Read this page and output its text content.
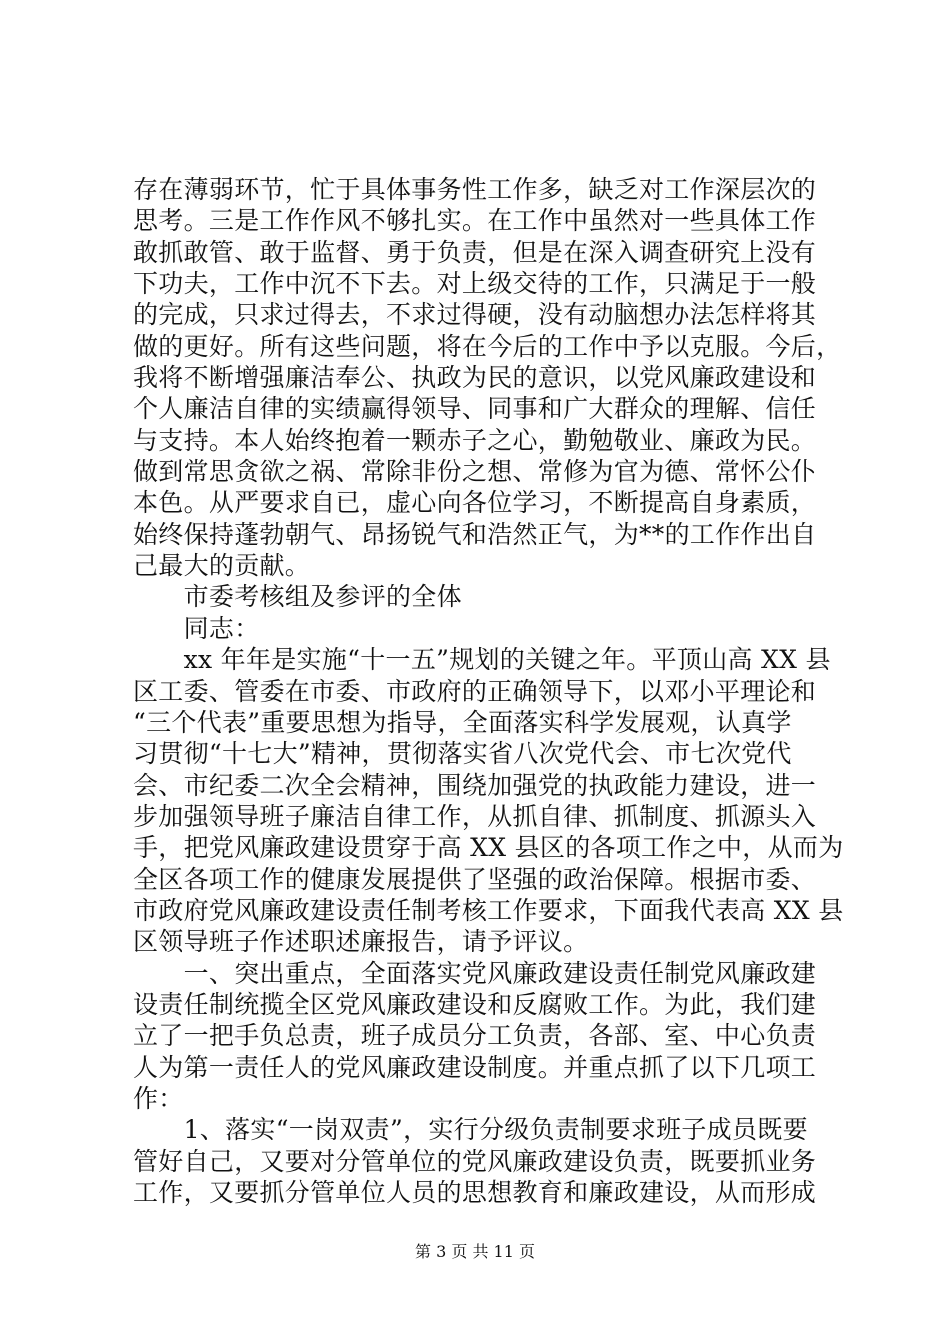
存在薄弱环节，忙于具体事务性工作多，缺乏对工作深层次的
思考。三是工作作风不够扎实。在工作中虽然对一些具体工作
敢抓敢管、敢于监督、勇于负责，但是在深入调查研究上没有
下功夫，工作中沉不下去。对上级交待的工作，只满足于一般
的完成，只求过得去，不求过得硬，没有动脑想办法怎样将其
做的更好。所有这些问题，将在今后的工作中予以克服。今后，
我将不断增强廉洁奉公、执政为民的意识，以党风廉政建设和
个人廉洁自律的实绩赢得领导、同事和广大群众的理解、信任
与支持。本人始终抱着一颗赤子之心，勤勉敬业、廉政为民。
做到常思贪欲之祸、常除非份之想、常修为官为德、常怀公仆
本色。从严要求自已，虚心向各位学习，不断提高自身素质，
始终保持蓬勃朝气、昂扬锐气和浩然正气，为**的工作作出自
己最大的贡献。
　　市委考核组及参评的全体
　　同志：
　　xx 年年是实施“十一五”规划的关键之年。平顶山高 XX 县
区工委、管委在市委、市政府的正确领导下，以邓小平理论和
“三个代表”重要思想为指导，全面落实科学发展观，认真学
习贯彻“十七大”精神，贯彻落实省八次党代会、市七次党代
会、市纪委二次全会精神，围绕加强党的执政能力建设，进一
步加强领导班子廉洁自律工作，从抓自律、抓制度、抓源头入
手，把党风廉政建设贯穿于高 XX 县区的各项工作之中，从而为
全区各项工作的健康发展提供了坚强的政治保障。根据市委、
市政府党风廉政建设责任制考核工作要求，下面我代表高 XX 县
区领导班子作述职述廉报告，请予评议。
　　一、突出重点，全面落实党风廉政建设责任制党风廉政建
设责任制统揽全区党风廉政建设和反腐败工作。为此，我们建
立了一把手负总责，班子成员分工负责，各部、室、中心负责
人为第一责任人的党风廉政建设制度。并重点抓了以下几项工
作：
　　1、落实“一岗双责”，实行分级负责制要求班子成员既要
管好自己，又要对分管单位的党风廉政建设负责，既要抓业务
工作，又要抓分管单位人员的思想教育和廉政建设，从而形成
第 3 页 共 11 页
